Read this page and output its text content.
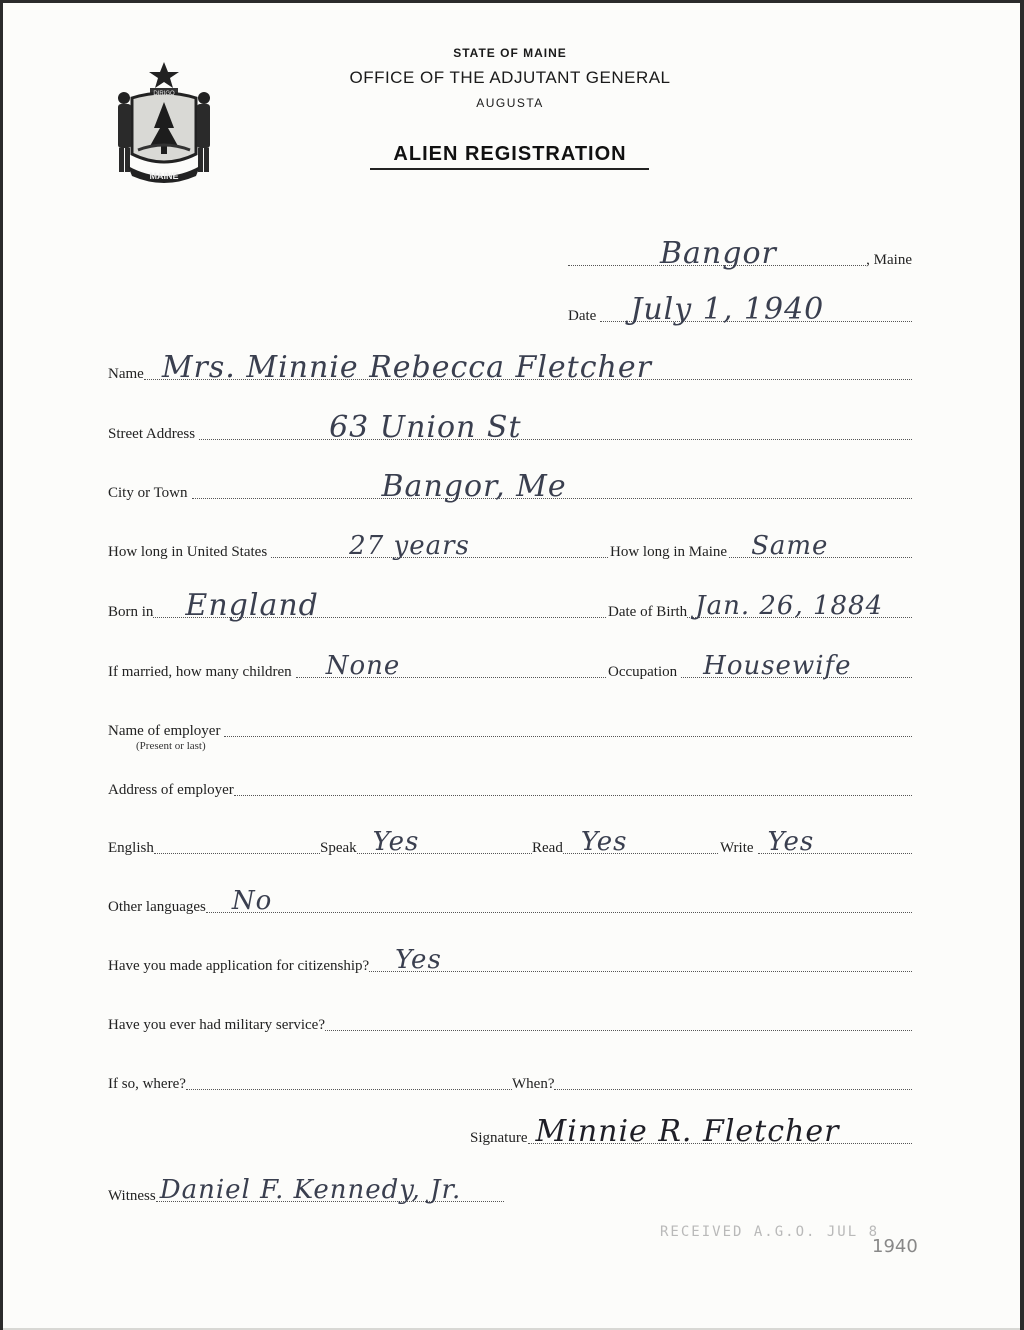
MAINE
DIRIGO
STATE OF MAINE
OFFICE OF THE ADJUTANT GENERAL
AUGUSTA
ALIEN REGISTRATION
Bangor	, Maine
Date July 1, 1940
Name Mrs. Minnie Rebecca Fletcher
Street Address	63 Union St
City or Town	Bangor, Me
How long in United States	27 years	How long in Maine Same
Born in England	Date of Birth Jan. 26, 1884
If married, how many children None	Occupation Housewife
Name of employer
(Present or last)
Address of employer
English	Speak Yes	Read Yes	Write Yes
Other languages No
Have you made application for citizenship? Yes
Have you ever had military service?
If so, where?	When?
Signature Minnie R. Fletcher
Witness Daniel F. Kennedy, Jr.
RECEIVED A.G.O. JUL 8
1940
